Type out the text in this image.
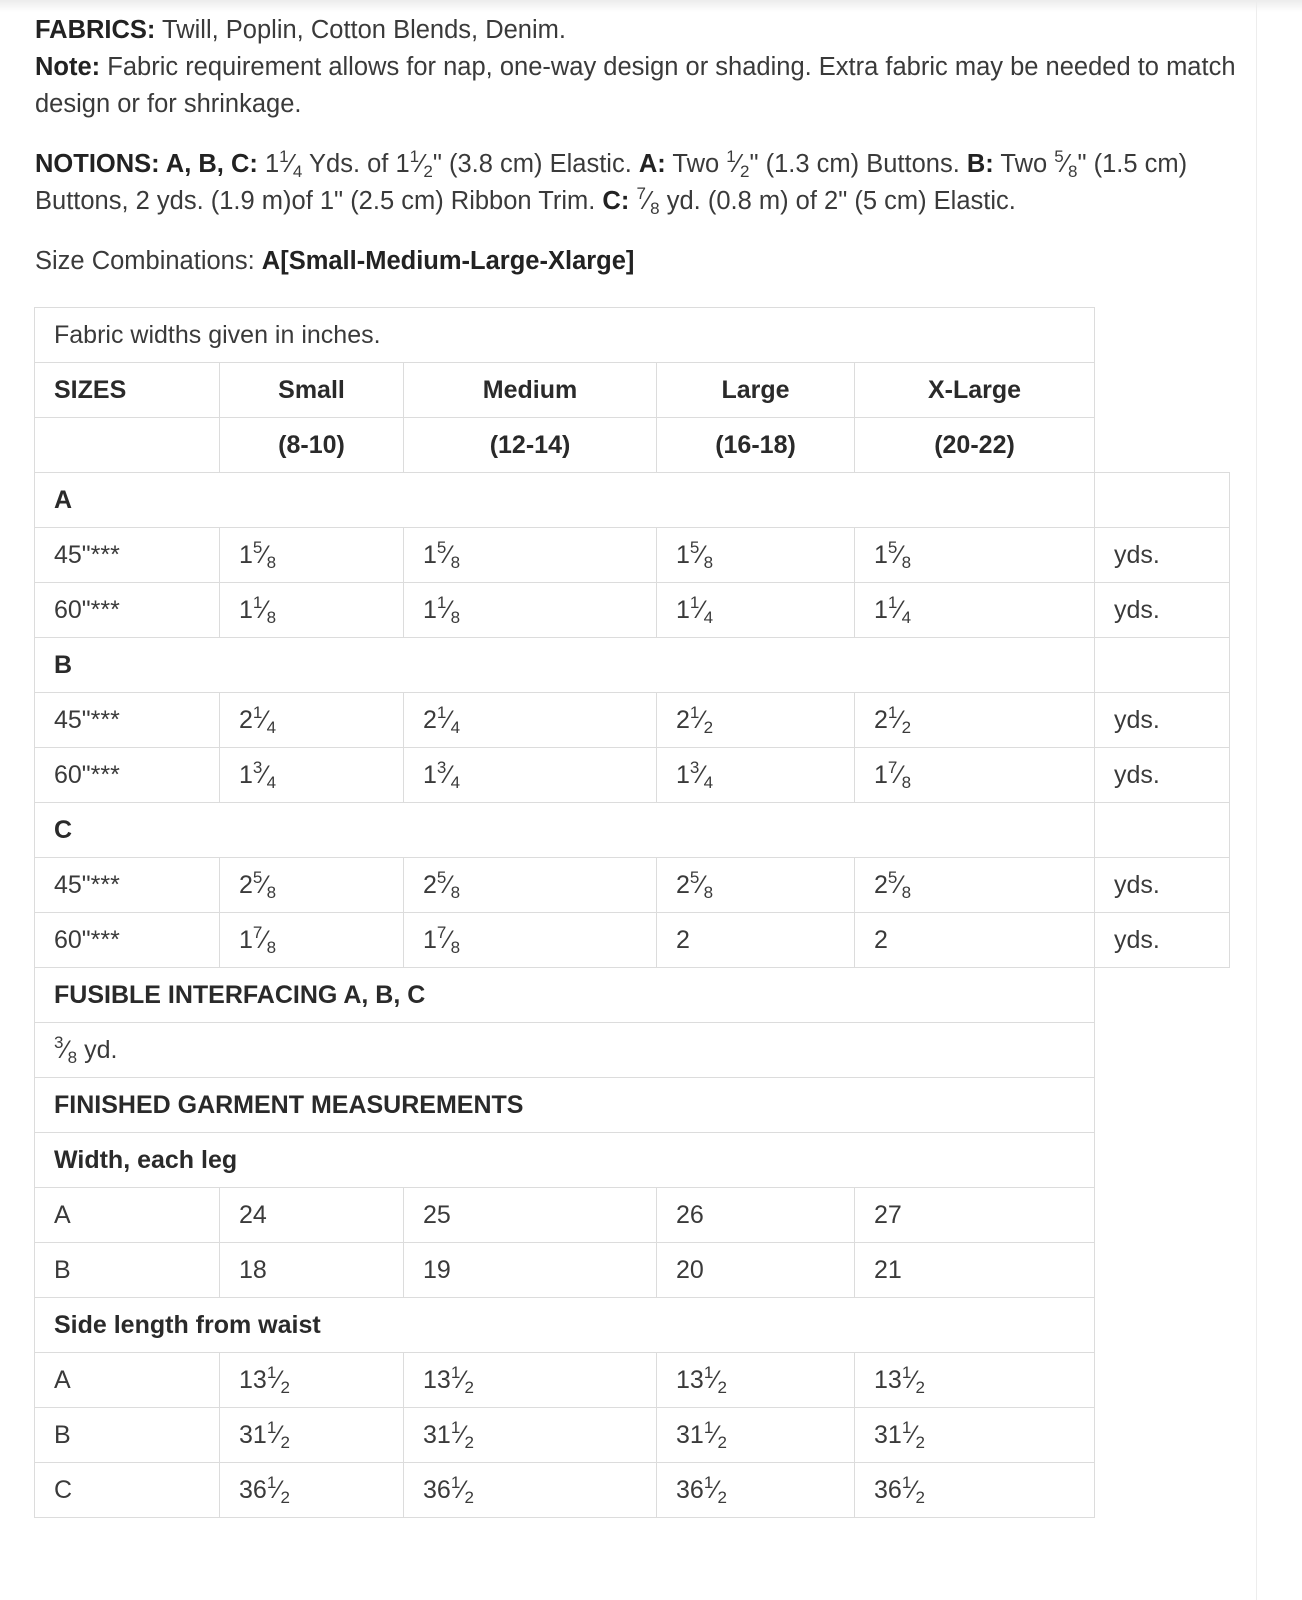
FABRICS: Twill, Poplin, Cotton Blends, Denim.
Note: Fabric requirement allows for nap, one-way design or shading. Extra fabric may be needed to match design or for shrinkage.

NOTIONS: A, B, C: $1^1⁄_4$ Yds. of $1^1⁄_2$" (3.8 cm) Elastic. A: Two $^1⁄_2$" (1.3 cm) Buttons. B: Two $^5⁄_8$" (1.5 cm) Buttons, 2 yds. (1.9 m)of 1" (2.5 cm) Ribbon Trim. C: $^7⁄_8$ yd. (0.8 m) of 2" (5 cm) Elastic.

Size Combinations: A[Small-Medium-Large-Xlarge]

Fabric widths given in inches.					
SIZES	Small	Medium	Large	X-Large	
	(8-10)	(12-14)	(16-18)	(20-22)	
A					
45"***	$1^5⁄_8$	$1^5⁄_8$	$1^5⁄_8$	$1^5⁄_8$	yds.
60"***	$1^1⁄_8$	$1^1⁄_8$	$1^1⁄_4$	$1^1⁄_4$	yds.
B					
45"***	$2^1⁄_4$	$2^1⁄_4$	$2^1⁄_2$	$2^1⁄_2$	yds.
60"***	$1^3⁄_4$	$1^3⁄_4$	$1^3⁄_4$	$1^7⁄_8$	yds.
C					
45"***	$2^5⁄_8$	$2^5⁄_8$	$2^5⁄_8$	$2^5⁄_8$	yds.
60"***	$1^7⁄_8$	$1^7⁄_8$	2	2	yds.
FUSIBLE INTERFACING A, B, C					
$^3⁄_8$ yd.					
FINISHED GARMENT MEASUREMENTS					
Width, each leg					
A	24	25	26	27	
B	18	19	20	21	
Side length from waist					
A	$13^1⁄_2$	$13^1⁄_2$	$13^1⁄_2$	$13^1⁄_2$	
B	$31^1⁄_2$	$31^1⁄_2$	$31^1⁄_2$	$31^1⁄_2$	
C	$36^1⁄_2$	$36^1⁄_2$	$36^1⁄_2$	$36^1⁄_2$	
